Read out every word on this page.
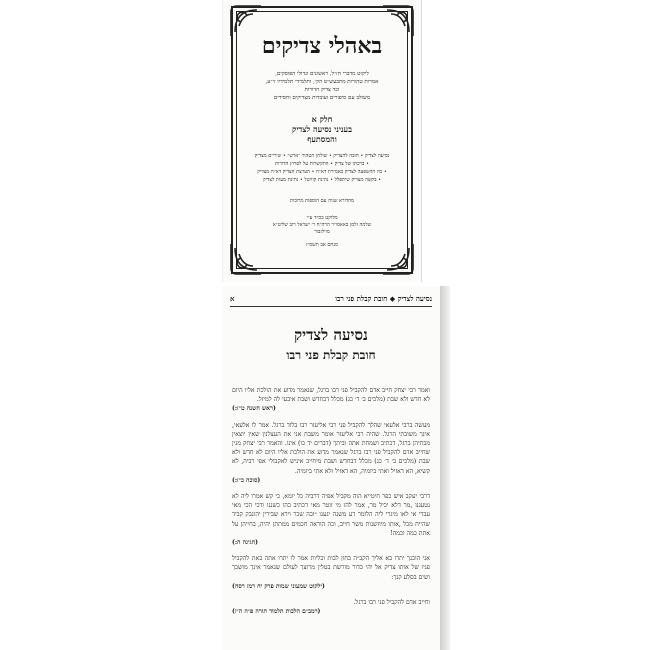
באהלי צדיקים
ליקוט מדברי חז״ל, ראשונים וגדולי הפוסקים,
אמרות טהורות מתבעש״ט הק׳, ותלמידי תלמידיו זי״ע,
וכד צדיק הדורות
משולב עם סיפורים ועובדות מצדיקים וחסידים
חלק א
בעניני נסיעה לצדיק
והמסתעף
נסיעה לצדיק • חובה להצדיק • שולחן הטהור ״ארש״ • שיריים מצדיק
• ברכתו של צדיק • התקשרות על לפרוץ הדורות
• כח ההשפעה לצדיק באמירת דא״ח • הערצת הצדיק דא״ח מצדיק
• בקשה מצדיק שיתפלל • נתינת קוויטל • נתינת מעות לצדיק
מהדורא שניה עם הוספות מרובות
מלוקט בס״ד ע״י
שלמה זלמן באאמו״ר הרה״ח ר׳ ישראל רוב שליט״א
מוילזבור
מנחם אב תשס״ז
נסיעה לצדיק ◆ חובת קבלת פני רבו
א
נסיעה לצדיק
חובת קבלת פני רבו

ואמר רבי יצחק חייב אדם להקביל פני רבו ברגל, שנאמר מדוע את הולכת אליו היום לא חדש ולא שבת (מלכים ב׳ ד׳ כג) מכלל דבחדש ושבת איבעי לה למיזל.
(ראש השנה ט״ז:)

מעשה ברבי אלעאי שהלך להקביל פני רבי אליעזר רבו בלוד ברגל. אמר לו אלעאי, אינך משובתי הרגל. שהיה רבי אליעזר אומר משבח אני את העצלנין שאין יוצאין מבתיהן ברגל, דכתיב ושמחת אתה וביתך (דברים יד כו) אינו. והאמר רבי יצחק מנין שחייב אדם להקביל פני רבו ברגל שנאמר מדוע את הולכת אליו היום לא חדש ולא שבת (מלכים ב׳ ד׳ כג) מכלל דבחדש ושבת מיחייב איניש לאקבולי אפי רביה, לא קשיא, הא דאזיל ואתי ביומיה, הא דאזיל ולא אתי ביומיה.
(סוכה כ״ז:)

דרבי יעקב איש כפר חיטייא הוה מקביל אפיה דרביה כל יומא, כי קש אמרו ליה לא נטעגנו ,מר דלא יכיל מר, אמר להו מי זוטר מאי דכתיב בהו כשננו ודכי הכי מאי עבדי אי לאו מיגרי ליה הלומר דע משנה יגענו ״וכה שכר וירא שבירין יהונבק קביד שהייח מכל ,אותו מיוזשנות משר חייב, וכה הוראה חכמים ממתתן יהיה, בחייהן על אתת כמה וכמה!
(חגיגה ה:)

אני הוכנך יתרו בא אליך הקב״ה בחון לבות וכליות אמר לו יתרו אתה באת להקביל פניו של אותו צדיק אל יהי כדור מורשת בטלין מרוצך לעולם שנאמר אינך מושכך ושים בסלע קנך:
(ילקוט שמעוני שמות פרק יח רמז רסח)

וחייב אדם להקביל פני רבו ברגל.
(רמב״ם הלכות תלמוד תורה פ״ה ה״ז)
